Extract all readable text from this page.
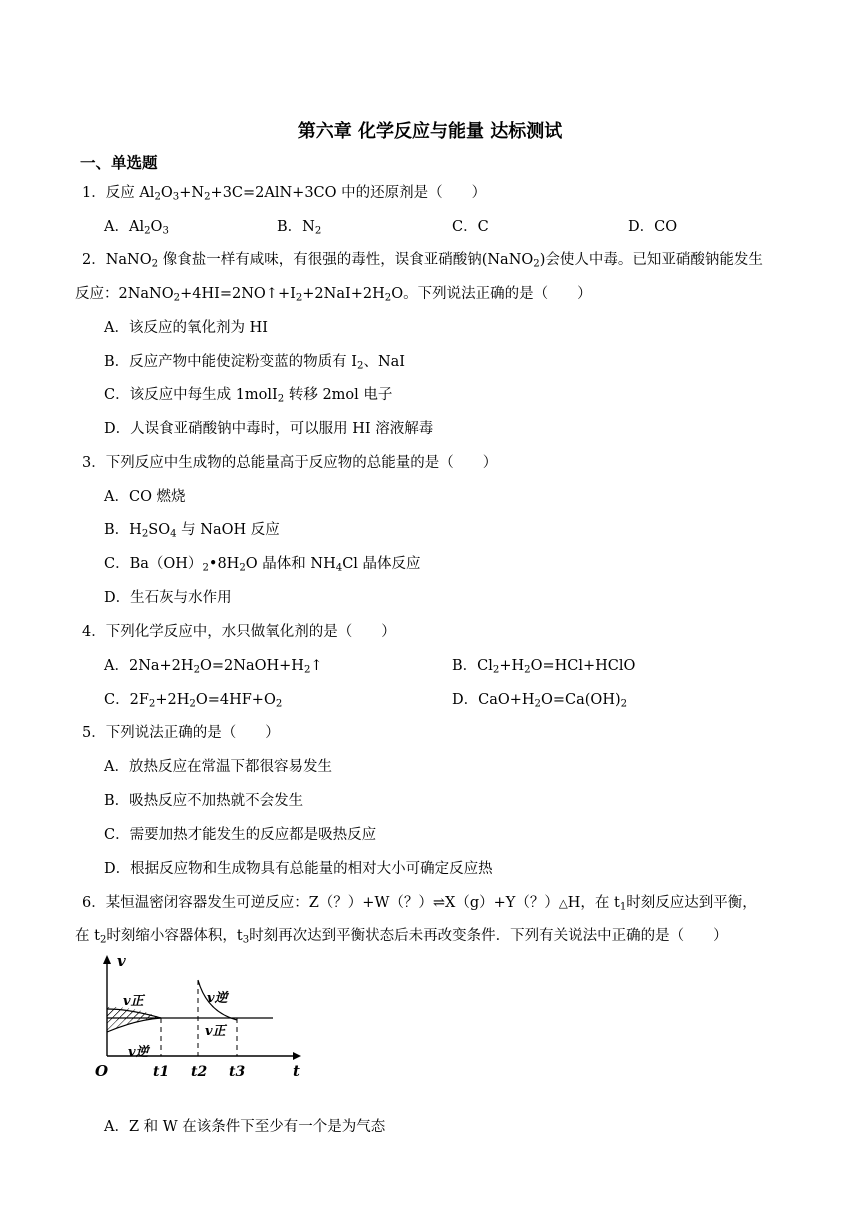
第六章 化学反应与能量 达标测试
一、单选题
1．反应 $Al_2O_3+N_2+3C=2AlN+3CO$ 中的还原剂是（　　）
A．$Al_2O_3$	B．$N_2$	C．C	D．CO
2．NaNO$_2$ 像食盐一样有咸味，有很强的毒性，误食亚硝酸钠(NaNO$_2$)会使人中毒。已知亚硝酸钠能发生
反应：$2NaNO_2+4HI=2NO↑+I_2+2NaI+2H_2O$。下列说法正确的是（　　）
A．该反应的氧化剂为 HI
B．反应产物中能使淀粉变蓝的物质有 $I_2$、NaI
C．该反应中每生成 1molI$_2$ 转移 2mol 电子
D．人误食亚硝酸钠中毒时，可以服用 HI 溶液解毒
3．下列反应中生成物的总能量高于反应物的总能量的是（　　）
A．CO 燃烧
B．$H_2SO_4$ 与 NaOH 反应
C．$Ba(OH)_2•8H_2O$ 晶体和 $NH_4Cl$ 晶体反应
D．生石灰与水作用
4．下列化学反应中，水只做氧化剂的是（　　）
A．$2Na+2H_2O=2NaOH+H_2↑$	B．$Cl_2+H_2O=HCl+HClO$
C．$2F_2+2H_2O=4HF+O_2$	D．$CaO+H_2O=Ca(OH)_2$
5．下列说法正确的是（　　）
A．放热反应在常温下都很容易发生
B．吸热反应不加热就不会发生
C．需要加热才能发生的反应都是吸热反应
D．根据反应物和生成物具有总能量的相对大小可确定反应热
6．某恒温密闭容器发生可逆反应：Z（？）+W（？）⇌X（g）+Y（？）△H，在 $t_1$时刻反应达到平衡，
在 $t_2$时刻缩小容器体积，$t_3$时刻再次达到平衡状态后未再改变条件．下列有关说法中正确的是（　　）
v
t
O
v正
v逆
v逆
v正
t1 t2 t3
A．Z 和 W 在该条件下至少有一个是为气态
